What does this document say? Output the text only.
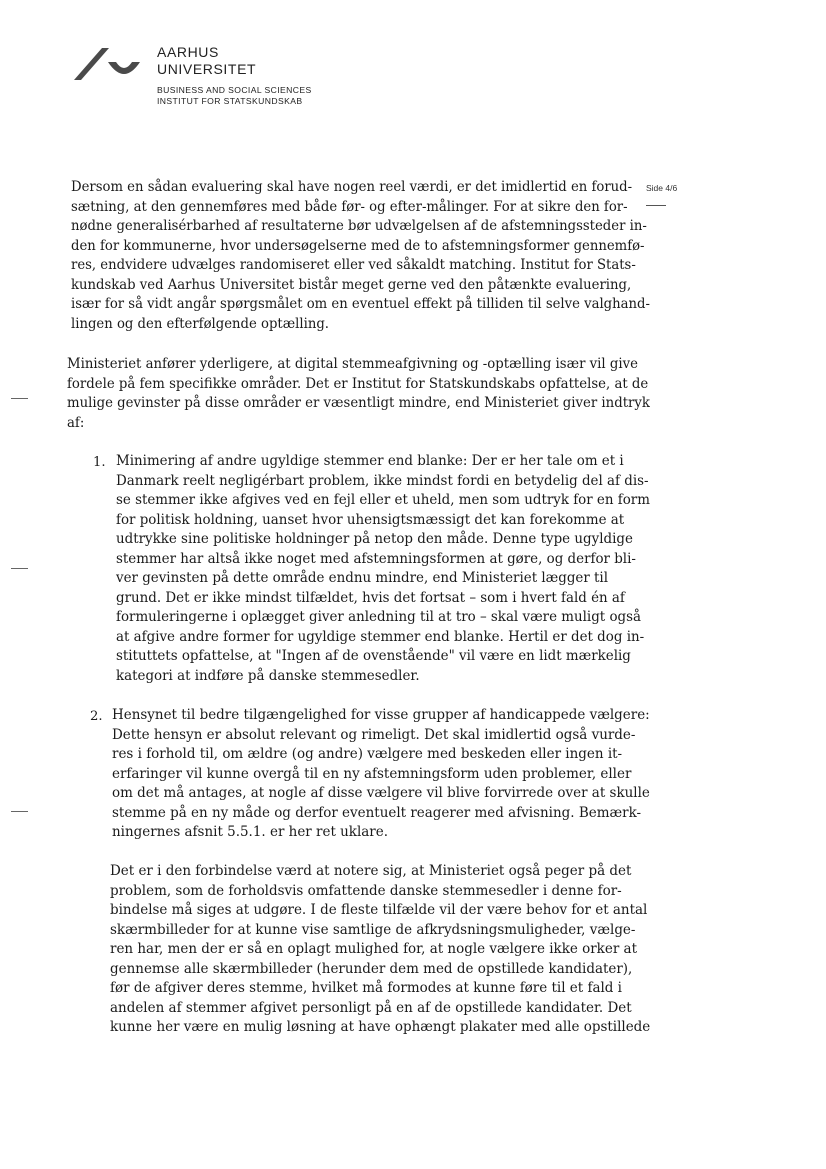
AARHUS
UNIVERSITET
BUSINESS AND SOCIAL SCIENCES
INSTITUT FOR STATSKUNDSKAB
Side 4/6
Dersom en sådan evaluering skal have nogen reel værdi, er det imidlertid en forud-
sætning, at den gennemføres med både før- og efter-målinger. For at sikre den for-
nødne generalisérbarhed af resultaterne bør udvælgelsen af de afstemningssteder in-
den for kommunerne, hvor undersøgelserne med de to afstemningsformer gennemfø-
res, endvidere udvælges randomiseret eller ved såkaldt matching. Institut for Stats-
kundskab ved Aarhus Universitet bistår meget gerne ved den påtænkte evaluering,
især for så vidt angår spørgsmålet om en eventuel effekt på tilliden til selve valghand-
lingen og den efterfølgende optælling.
Ministeriet anfører yderligere, at digital stemmeafgivning og -optælling især vil give
fordele på fem specifikke områder. Det er Institut for Statskundskabs opfattelse, at de
mulige gevinster på disse områder er væsentligt mindre, end Ministeriet giver indtryk
af:
1. Minimering af andre ugyldige stemmer end blanke: Der er her tale om et i
Danmark reelt negligérbart problem, ikke mindst fordi en betydelig del af dis-
se stemmer ikke afgives ved en fejl eller et uheld, men som udtryk for en form
for politisk holdning, uanset hvor uhensigtsmæssigt det kan forekomme at
udtrykke sine politiske holdninger på netop den måde. Denne type ugyldige
stemmer har altså ikke noget med afstemningsformen at gøre, og derfor bli-
ver gevinsten på dette område endnu mindre, end Ministeriet lægger til
grund. Det er ikke mindst tilfældet, hvis det fortsat – som i hvert fald én af
formuleringerne i oplægget giver anledning til at tro – skal være muligt også
at afgive andre former for ugyldige stemmer end blanke. Hertil er det dog in-
stituttets opfattelse, at "Ingen af de ovenstående" vil være en lidt mærkelig
kategori at indføre på danske stemmesedler.
2. Hensynet til bedre tilgængelighed for visse grupper af handicappede vælgere:
Dette hensyn er absolut relevant og rimeligt. Det skal imidlertid også vurde-
res i forhold til, om ældre (og andre) vælgere med beskeden eller ingen it-
erfaringer vil kunne overgå til en ny afstemningsform uden problemer, eller
om det må antages, at nogle af disse vælgere vil blive forvirrede over at skulle
stemme på en ny måde og derfor eventuelt reagerer med afvisning. Bemærk-
ningernes afsnit 5.5.1. er her ret uklare.
Det er i den forbindelse værd at notere sig, at Ministeriet også peger på det
problem, som de forholdsvis omfattende danske stemmesedler i denne for-
bindelse må siges at udgøre. I de fleste tilfælde vil der være behov for et antal
skærmbilleder for at kunne vise samtlige de afkrydsningsmuligheder, vælge-
ren har, men der er så en oplagt mulighed for, at nogle vælgere ikke orker at
gennemse alle skærmbilleder (herunder dem med de opstillede kandidater),
før de afgiver deres stemme, hvilket må formodes at kunne føre til et fald i
andelen af stemmer afgivet personligt på en af de opstillede kandidater. Det
kunne her være en mulig løsning at have ophængt plakater med alle opstillede
